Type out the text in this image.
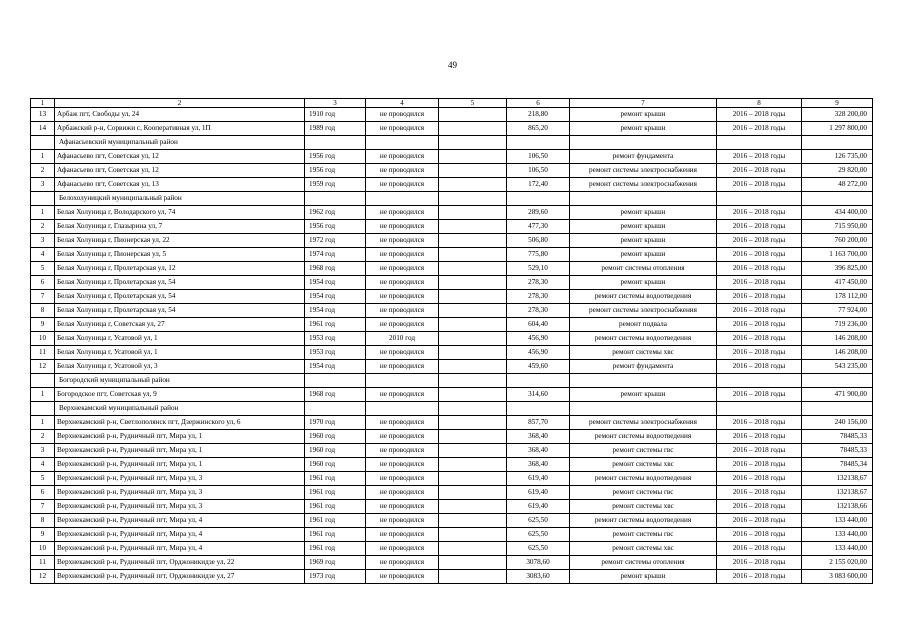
49
1	2	3	4	5	6	7	8	9
13	Арбаж пгт, Свободы ул, 24	1910 год	не проводился		218,80	ремонт крыши	2016 – 2018 годы	328 200,00
14	Арбажский р-н, Сорвижи с, Кооперативная ул, 1П	1989 год	не проводился		865,20	ремонт крыши	2016 – 2018 годы	1 297 800,00
	Афанасьевский муниципальный район							
1	Афанасьево пгт, Советская ул, 12	1956 год	не проводился		106,50	ремонт фундамента	2016 – 2018 годы	126 735,00
2	Афанасьево пгт, Советская ул, 12	1956 год	не проводился		106,50	ремонт системы электроснабжения	2016 – 2018 годы	29 820,00
3	Афанасьево пгт, Советская ул, 13	1959 год	не проводился		172,40	ремонт системы электроснабжения	2016 – 2018 годы	48 272,00
	Белохолуницкий муниципальный район							
1	Белая Холуница г, Володарского ул, 74	1962 год	не проводился		289,60	ремонт крыши	2016 – 2018 годы	434 400,00
2	Белая Холуница г, Глазырина ул, 7	1956 год	не проводился		477,30	ремонт крыши	2016 – 2018 годы	715 950,00
3	Белая Холуница г, Пионерская ул, 22	1972 год	не проводился		506,80	ремонт крыши	2016 – 2018 годы	760 200,00
4	Белая Холуница г, Пионерская ул, 5	1974 год	не проводился		775,80	ремонт крыши	2016 – 2018 годы	1 163 700,00
5	Белая Холуница г, Пролетарская ул, 12	1968 год	не проводился		529,10	ремонт системы отопления	2016 – 2018 годы	396 825,00
6	Белая Холуница г, Пролетарская ул, 54	1954 год	не проводился		278,30	ремонт крыши	2016 – 2018 годы	417 450,00
7	Белая Холуница г, Пролетарская ул, 54	1954 год	не проводился		278,30	ремонт системы водоотведения	2016 – 2018 годы	178 112,00
8	Белая Холуница г, Пролетарская ул, 54	1954 год	не проводился		278,30	ремонт системы электроснабжения	2016 – 2018 годы	77 924,00
9	Белая Холуница г, Советская ул, 27	1961 год	не проводился		604,40	ремонт подвала	2016 – 2018 годы	719 236,00
10	Белая Холуница г, Усатовой ул, 1	1953 год	2010 год		456,90	ремонт системы водоотведения	2016 – 2018 годы	146 208,00
11	Белая Холуница г, Усатовой ул, 1	1953 год	не проводился		456,90	ремонт системы хвс	2016 – 2018 годы	146 208,00
12	Белая Холуница г, Усатовой ул, 3	1954 год	не проводился		459,60	ремонт фундамента	2016 – 2018 годы	543 235,00
	Богородский муниципальный район							
1	Богородское пгт, Советская ул, 9	1968 год	не проводился		314,60	ремонт крыши	2016 – 2018 годы	471 900,00
	Верхнекамский муниципальный район							
1	Верхнекамский р-н, Светлополянск пгт, Дзержинского ул, 6	1970 год	не проводился		857,70	ремонт системы электроснабжения	2016 – 2018 годы	240 156,00
2	Верхнекамский р-н, Рудничный пгт, Мира ул, 1	1960 год	не проводился		368,40	ремонт системы водоотведения	2016 – 2018 годы	78485,33
3	Верхнекамский р-н, Рудничный пгт, Мира ул, 1	1960 год	не проводился		368,40	ремонт системы гвс	2016 – 2018 годы	78485,33
4	Верхнекамский р-н, Рудничный пгт, Мира ул, 1	1960 год	не проводился		368,40	ремонт системы хвс	2016 – 2018 годы	78485,34
5	Верхнекамский р-н, Рудничный пгт, Мира ул, 3	1961 год	не проводился		619,40	ремонт системы водоотведения	2016 – 2018 годы	132138,67
6	Верхнекамский р-н, Рудничный пгт, Мира ул, 3	1961 год	не проводился		619,40	ремонт системы гвс	2016 – 2018 годы	132138,67
7	Верхнекамский р-н, Рудничный пгт, Мира ул, 3	1961 год	не проводился		619,40	ремонт системы хвс	2016 – 2018 годы	132138,66
8	Верхнекамский р-н, Рудничный пгт, Мира ул, 4	1961 год	не проводился		625,50	ремонт системы водоотведения	2016 – 2018 годы	133 440,00
9	Верхнекамский р-н, Рудничный пгт, Мира ул, 4	1961 год	не проводился		625,50	ремонт системы гвс	2016 – 2018 годы	133 440,00
10	Верхнекамский р-н, Рудничный пгт, Мира ул, 4	1961 год	не проводился		625,50	ремонт системы хвс	2016 – 2018 годы	133 440,00
11	Верхнекамский р-н, Рудничный пгт, Орджоникидзе ул, 22	1969 год	не проводился		3078,60	ремонт системы отопления	2016 – 2018 годы	2 155 020,00
12	Верхнекамский р-н, Рудничный пгт, Орджоникидзе ул, 27	1973 год	не проводился		3083,60	ремонт крыши	2016 – 2018 годы	3 083 600,00
